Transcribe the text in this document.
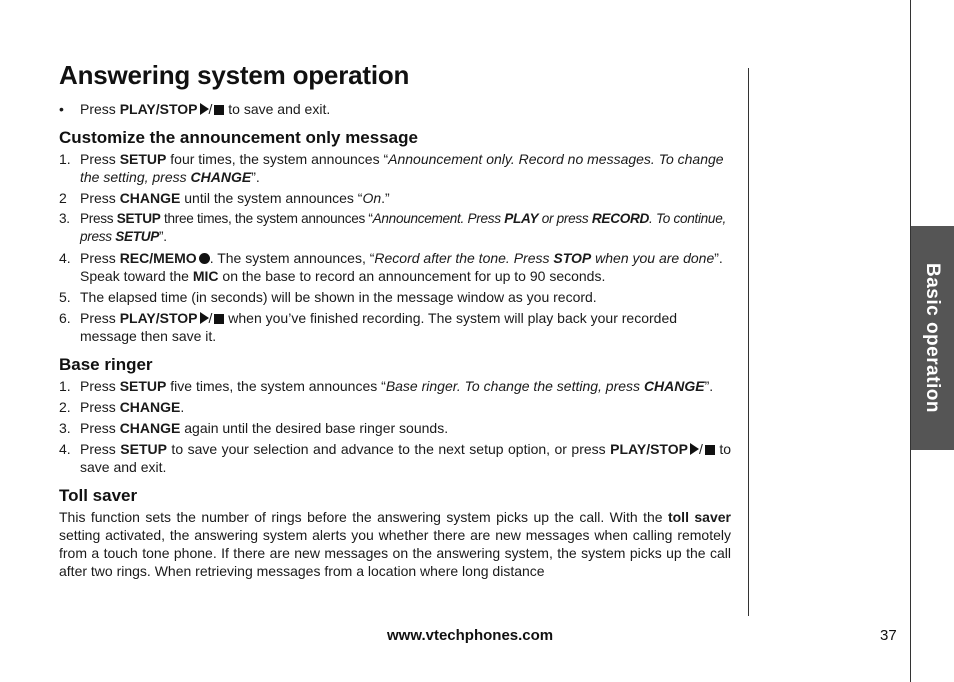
Answering system operation

• Press PLAY/STOP / to save and exit.

Customize the announcement only message
1. Press SETUP four times, the system announces “Announcement only. Record no messages. To change the setting, press CHANGE”.
2 Press CHANGE until the system announces “On.”
3. Press SETUP three times, the system announces “Announcement. Press PLAY or press RECORD. To continue, press SETUP”.
4. Press REC/MEMO . The system announces, “Record after the tone. Press STOP when you are done”. Speak toward the MIC on the base to record an announcement for up to 90 seconds.
5. The elapsed time (in seconds) will be shown in the message window as you record.
6. Press PLAY/STOP / when you’ve finished recording. The system will play back your recorded message then save it.
Base ringer
1. Press SETUP five times, the system announces “Base ringer. To change the setting, press CHANGE”.
2. Press CHANGE.
3. Press CHANGE again until the desired base ringer sounds.
4. Press SETUP to save your selection and advance to the next setup option, or press PLAY/STOP / to save and exit.
Toll saver

This function sets the number of rings before the answering system picks up the call. With the toll saver setting activated, the answering system alerts you whether there are new messages when calling remotely from a touch tone phone. If there are new messages on the answering system, the system picks up the call after two rings. When retrieving messages from a location where long distance

Basic operation
www.vtechphones.com	37
